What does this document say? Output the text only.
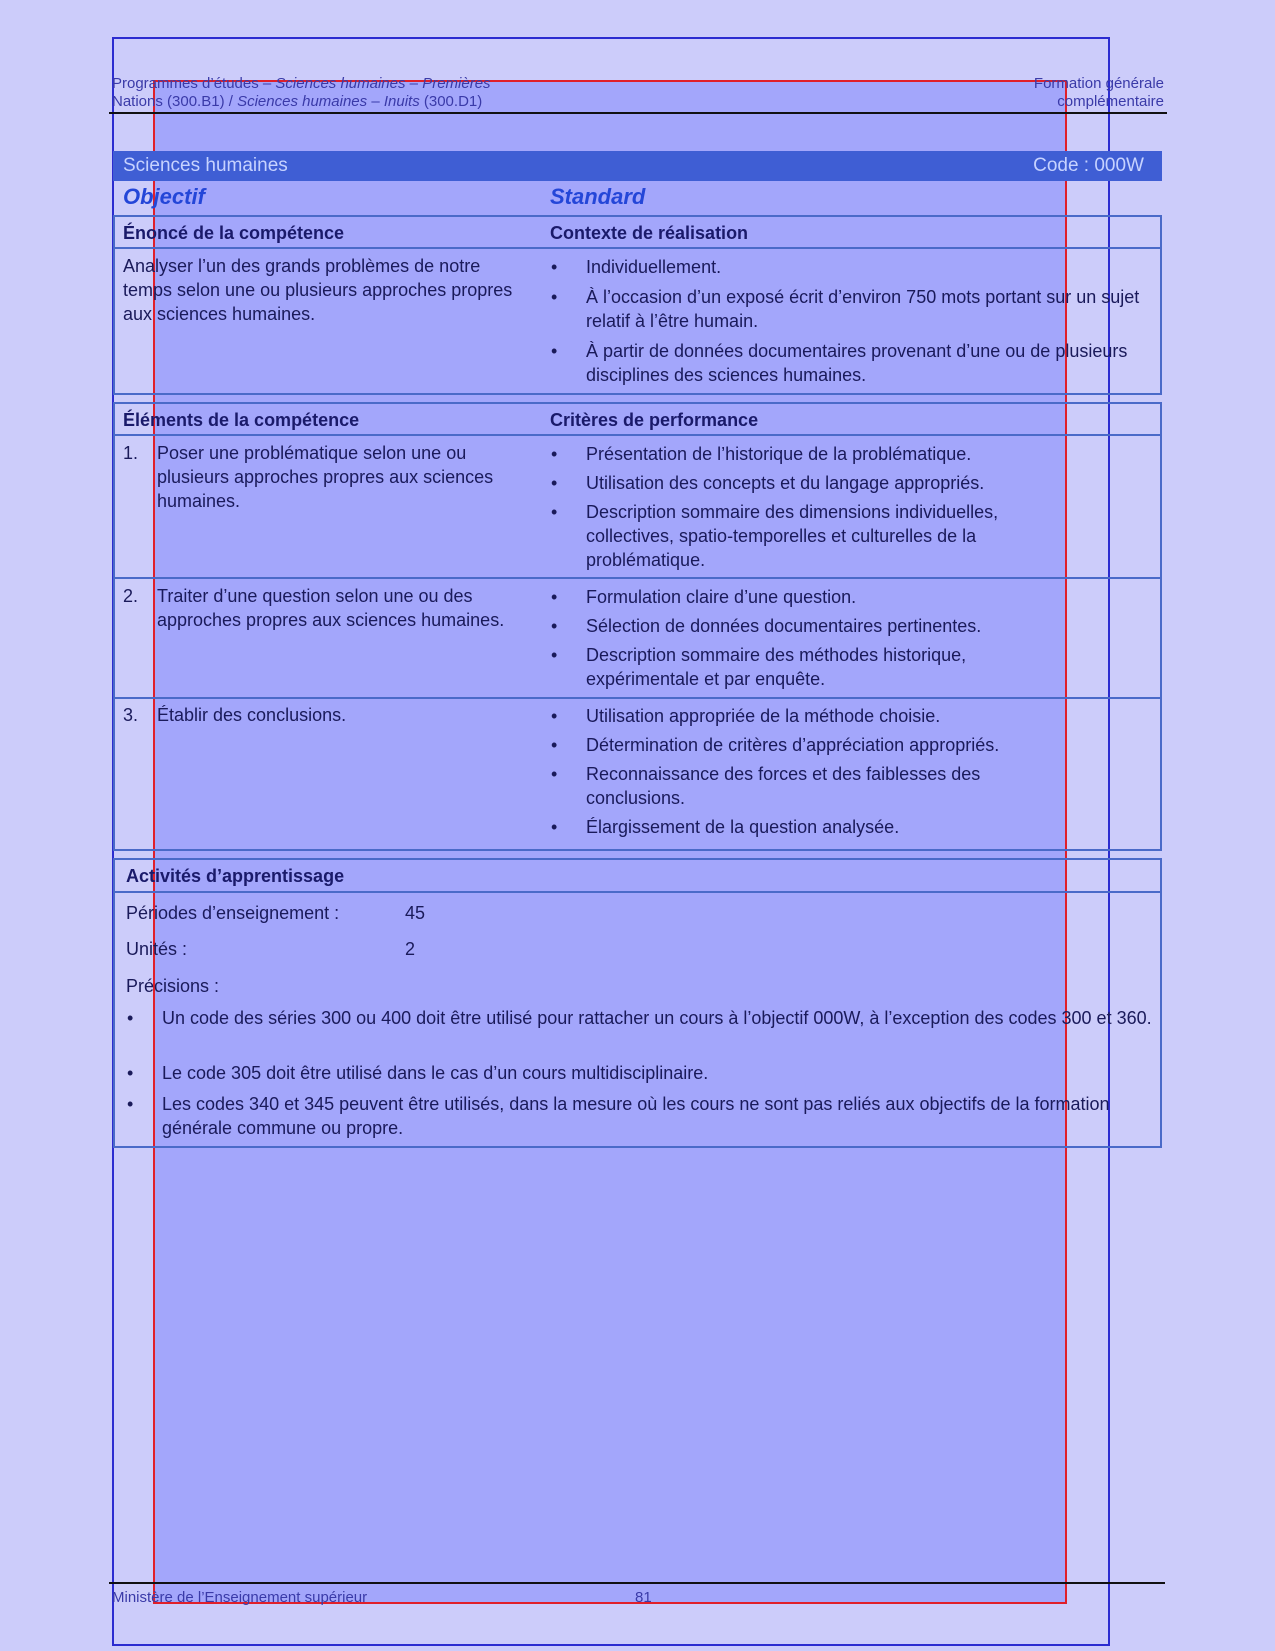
Programmes d’études – Sciences humaines – Premières
Nations (300.B1) / Sciences humaines – Inuits (300.D1)
Formation générale
complémentaire
Sciences humaines	Code : 000W
Objectif	Standard
Énoncé de la compétence	Contexte de réalisation
Analyser l’un des grands problèmes de notre temps selon une ou plusieurs approches propres aux sciences humaines.
• Individuellement.
• À l’occasion d’un exposé écrit d’environ 750 mots portant sur un sujet relatif à l’être humain.
• À partir de données documentaires provenant d’une ou de plusieurs disciplines des sciences humaines.
Éléments de la compétence	Critères de performance
1. Poser une problématique selon une ou plusieurs approches propres aux sciences humaines.
• Présentation de l’historique de la problématique.
• Utilisation des concepts et du langage appropriés.
• Description sommaire des dimensions individuelles, collectives, spatio-temporelles et culturelles de la problématique.
2. Traiter d’une question selon une ou des approches propres aux sciences humaines.
• Formulation claire d’une question.
• Sélection de données documentaires pertinentes.
• Description sommaire des méthodes historique, expérimentale et par enquête.
3. Établir des conclusions.	• Utilisation appropriée de la méthode choisie.
• Détermination de critères d’appréciation appropriés.
• Reconnaissance des forces et des faiblesses des conclusions.
• Élargissement de la question analysée.
Activités d’apprentissage
Périodes d’enseignement :	45
Unités :	2
Précisions :
• Un code des séries 300 ou 400 doit être utilisé pour rattacher un cours à l’objectif 000W, à l’exception des codes 300 et 360.
• Le code 305 doit être utilisé dans le cas d’un cours multidisciplinaire.
• Les codes 340 et 345 peuvent être utilisés, dans la mesure où les cours ne sont pas reliés aux objectifs de la formation générale commune ou propre.
Ministère de l’Enseignement supérieur	81
